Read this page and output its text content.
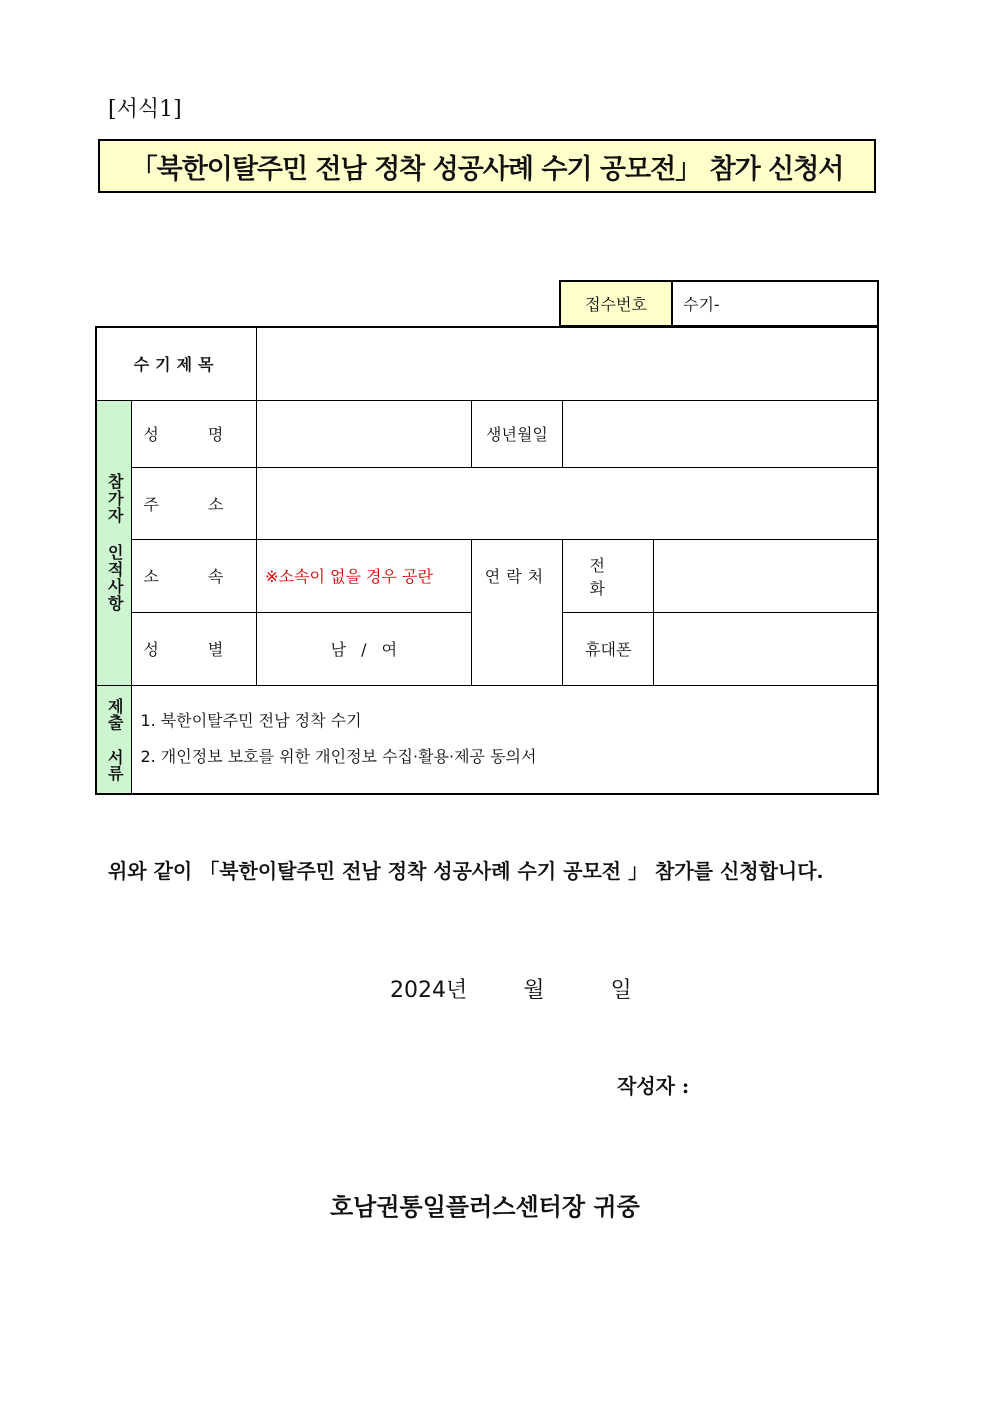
[서식1]
「북한이탈주민 전남 정착 성공사례 수기 공모전」 참가 신청서
접수번호	수기-
수기제목					

참가자 인적사항	성 명		생년월일		
	주 소				
	소 속	※소속이 없을 경우 공란	연락처	전 화	
	성 별	남 / 여		휴대폰	

제출 서류	1. 북한이탈주민 전남 정착 수기
2. 개인정보 보호를 위한 개인정보 수집·활용·제공 동의서				
위와 같이 「북한이탈주민 전남 정착 성공사례 수기 공모전 」 참가를 신청합니다.
2024년	월	일
작성자 :
호남권통일플러스센터장 귀중
